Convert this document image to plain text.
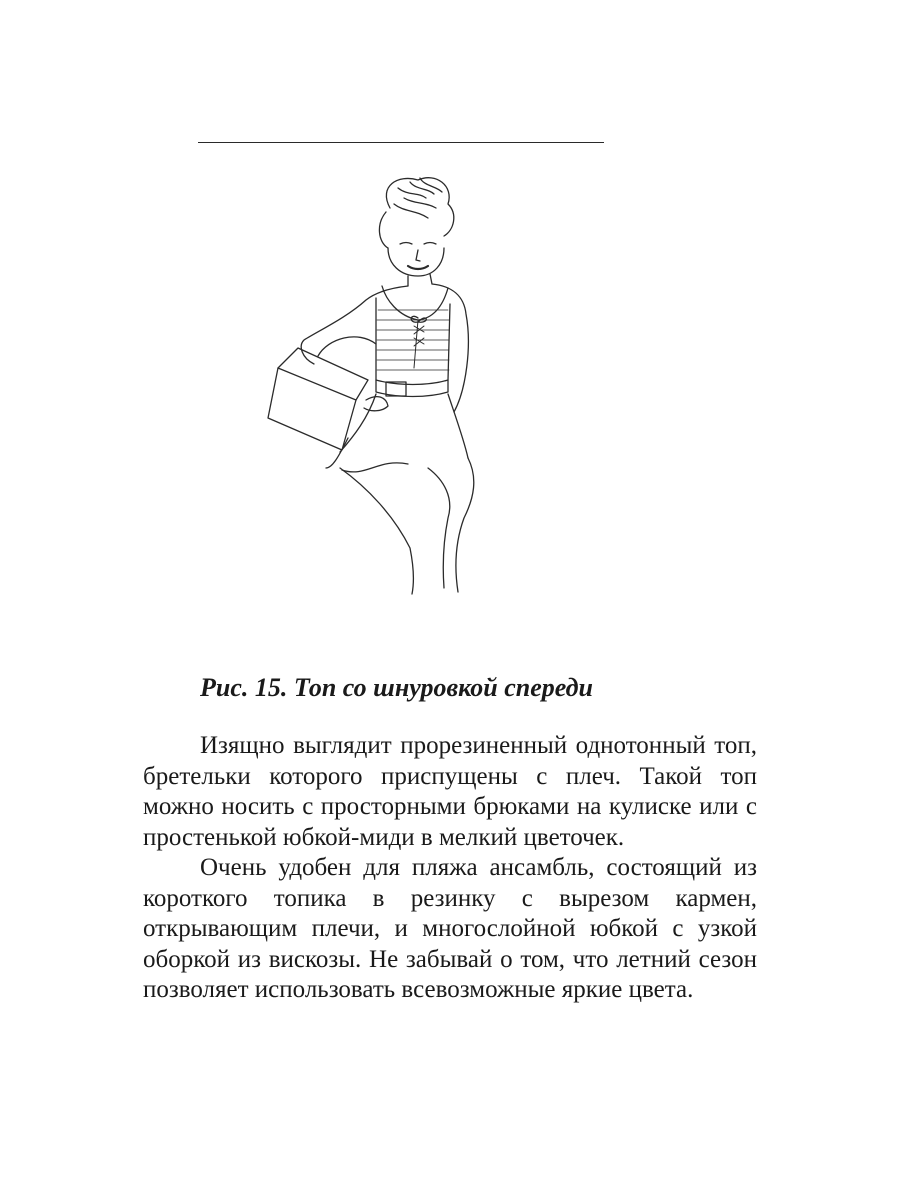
Рис. 15. Топ со шнуровкой спереди

Изящно выглядит прорезиненный однотонный топ, бретельки которого приспущены с плеч. Такой топ можно носить с просторными брюками на кулиске или с простенькой юбкой-миди в мелкий цветочек.

Очень удобен для пляжа ансамбль, состоящий из короткого топика в резинку с вырезом кармен, открывающим плечи, и многослойной юбкой с узкой оборкой из вискозы. Не забывай о том, что летний сезон позволяет использовать всевозможные яркие цвета.
